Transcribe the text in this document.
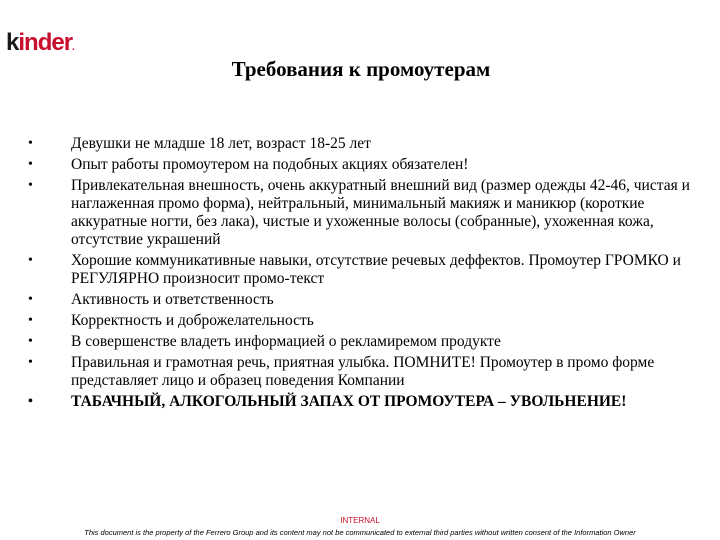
kinder.
Требования к промоутерам
•	Девушки не младше 18 лет, возраст 18-25 лет
•	Опыт работы промоутером на подобных акциях обязателен!
•	Привлекательная внешность, очень аккуратный внешний вид (размер одежды 42-46, чистая и наглаженная промо форма), нейтральный, минимальный макияж и маникюр (короткие аккуратные ногти, без лака), чистые и ухоженные волосы (собранные), ухоженная кожа, отсутствие украшений
•	Хорошие коммуникативные навыки, отсутствие речевых деффектов. Промоутер ГРОМКО и РЕГУЛЯРНО произносит промо-текст
•	Активность и ответственность
•	Корректность и доброжелательность
•	В совершенстве владеть информацией о рекламиремом продукте
•	Правильная и грамотная речь, приятная улыбка. ПОМНИТЕ! Промоутер в промо форме представляет лицо и образец поведения Компании
•	ТАБАЧНЫЙ, АЛКОГОЛЬНЫЙ ЗАПАХ ОТ ПРОМОУТЕРА – УВОЛЬНЕНИЕ!
INTERNAL
This document is the property of the Ferrero Group and its content may not be communicated to external third parties without written consent of the Information Owner
